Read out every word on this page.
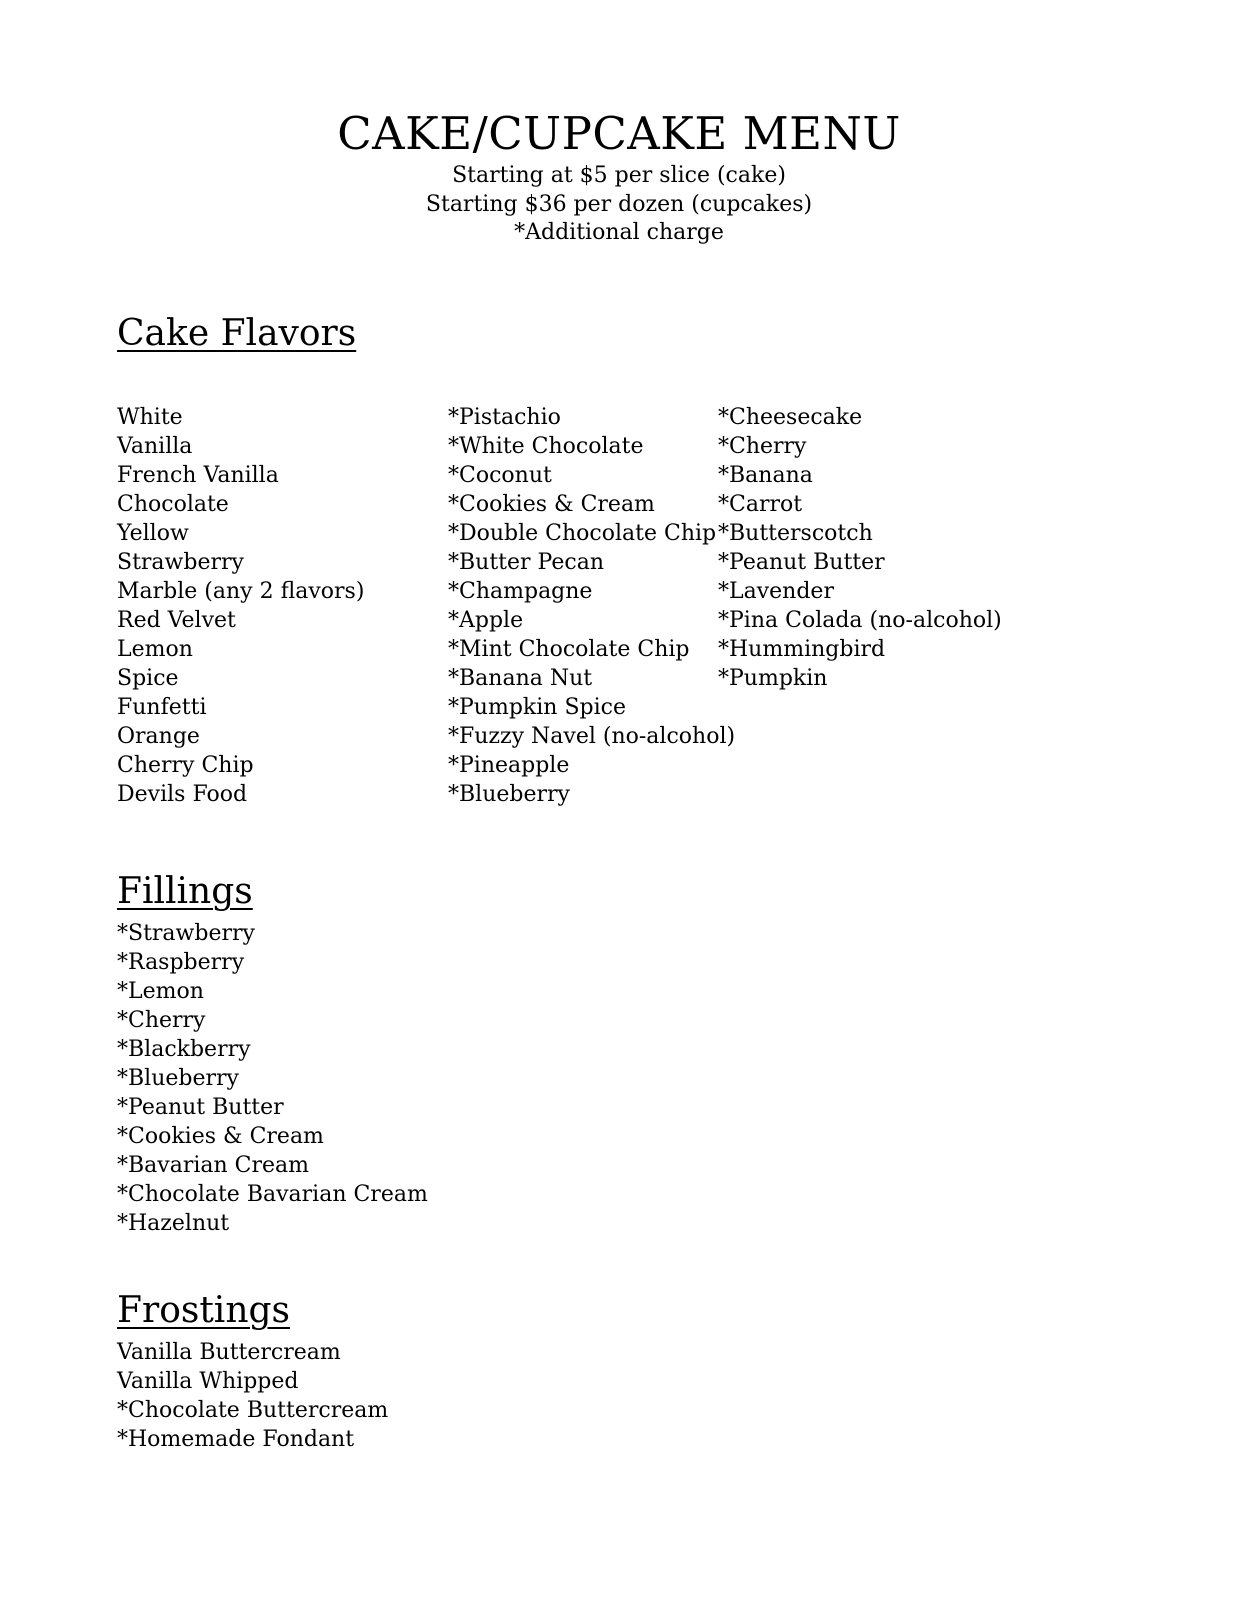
CAKE/CUPCAKE MENU

Starting at $5 per slice (cake)

Starting $36 per dozen (cupcakes)

*Additional charge

Cake Flavors
White
Vanilla
French Vanilla
Chocolate
Yellow
Strawberry
Marble (any 2 flavors)
Red Velvet
Lemon
Spice
Funfetti
Orange
Cherry Chip
Devils Food
*Pistachio
*White Chocolate
*Coconut
*Cookies & Cream
*Double Chocolate Chip
*Butter Pecan
*Champagne
*Apple
*Mint Chocolate Chip
*Banana Nut
*Pumpkin Spice
*Fuzzy Navel (no-alcohol)
*Pineapple
*Blueberry
*Cheesecake
*Cherry
*Banana
*Carrot
*Butterscotch
*Peanut Butter
*Lavender
*Pina Colada (no-alcohol)
*Hummingbird
*Pumpkin
Fillings
*Strawberry
*Raspberry
*Lemon
*Cherry
*Blackberry
*Blueberry
*Peanut Butter
*Cookies & Cream
*Bavarian Cream
*Chocolate Bavarian Cream
*Hazelnut
Frostings
Vanilla Buttercream
Vanilla Whipped
*Chocolate Buttercream
*Homemade Fondant
